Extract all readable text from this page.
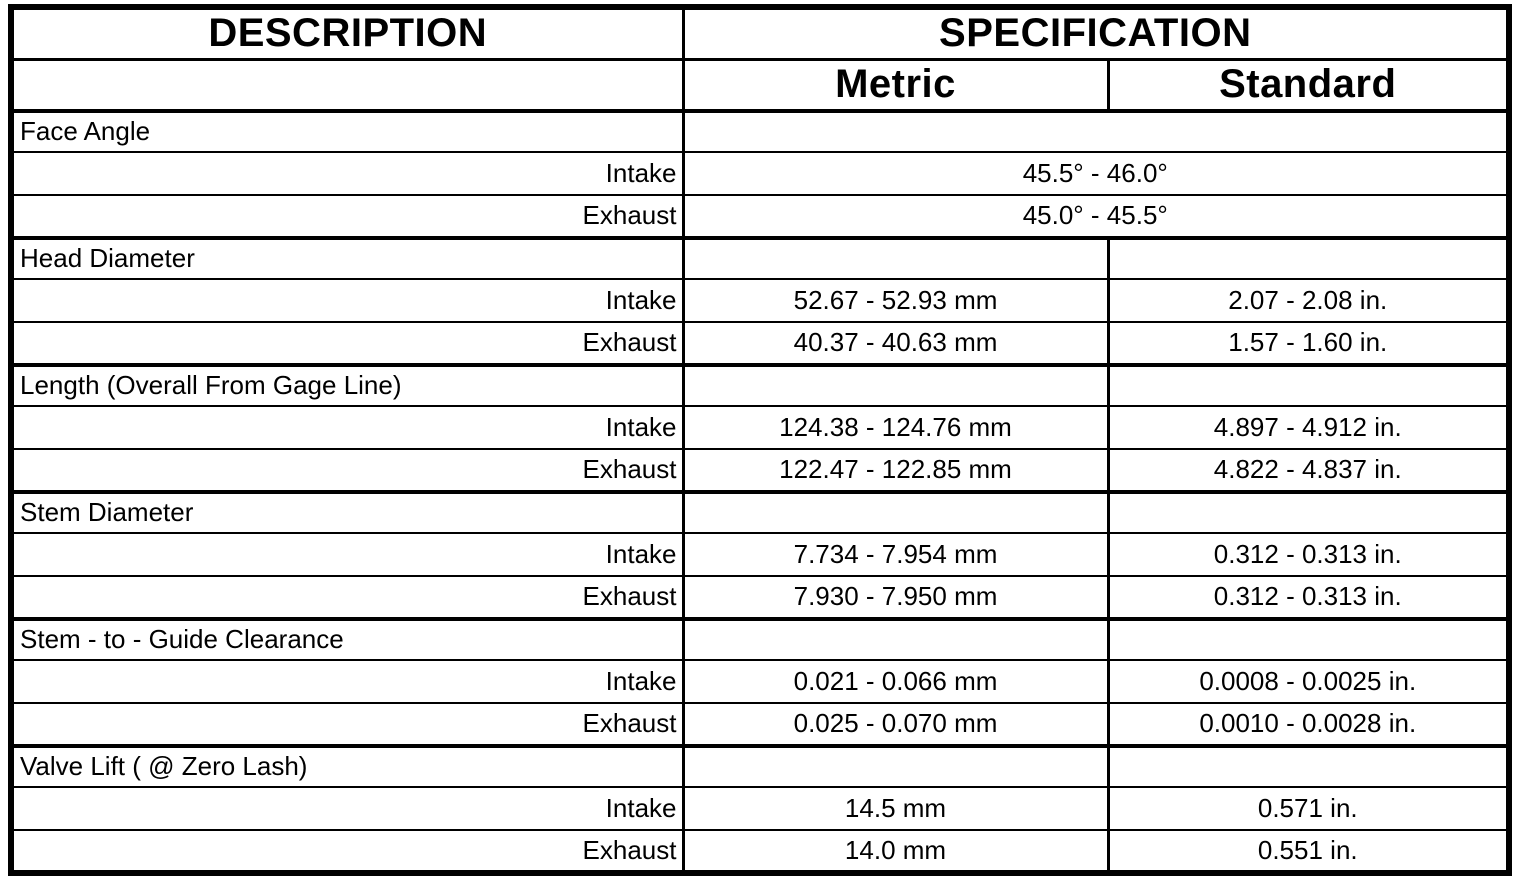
DESCRIPTION	SPECIFICATION	
	Metric	Standard
Face Angle		
Intake	45.5° - 46.0°	
Exhaust	45.0° - 45.5°	
Head Diameter		
Intake	52.67 - 52.93 mm	2.07 - 2.08 in.
Exhaust	40.37 - 40.63 mm	1.57 - 1.60 in.
Length (Overall From Gage Line)		
Intake	124.38 - 124.76 mm	4.897 - 4.912 in.
Exhaust	122.47 - 122.85 mm	4.822 - 4.837 in.
Stem Diameter		
Intake	7.734 - 7.954 mm	0.312 - 0.313 in.
Exhaust	7.930 - 7.950 mm	0.312 - 0.313 in.
Stem - to - Guide Clearance		
Intake	0.021 - 0.066 mm	0.0008 - 0.0025 in.
Exhaust	0.025 - 0.070 mm	0.0010 - 0.0028 in.
Valve Lift ( @ Zero Lash)		
Intake	14.5 mm	0.571 in.
Exhaust	14.0 mm	0.551 in.
